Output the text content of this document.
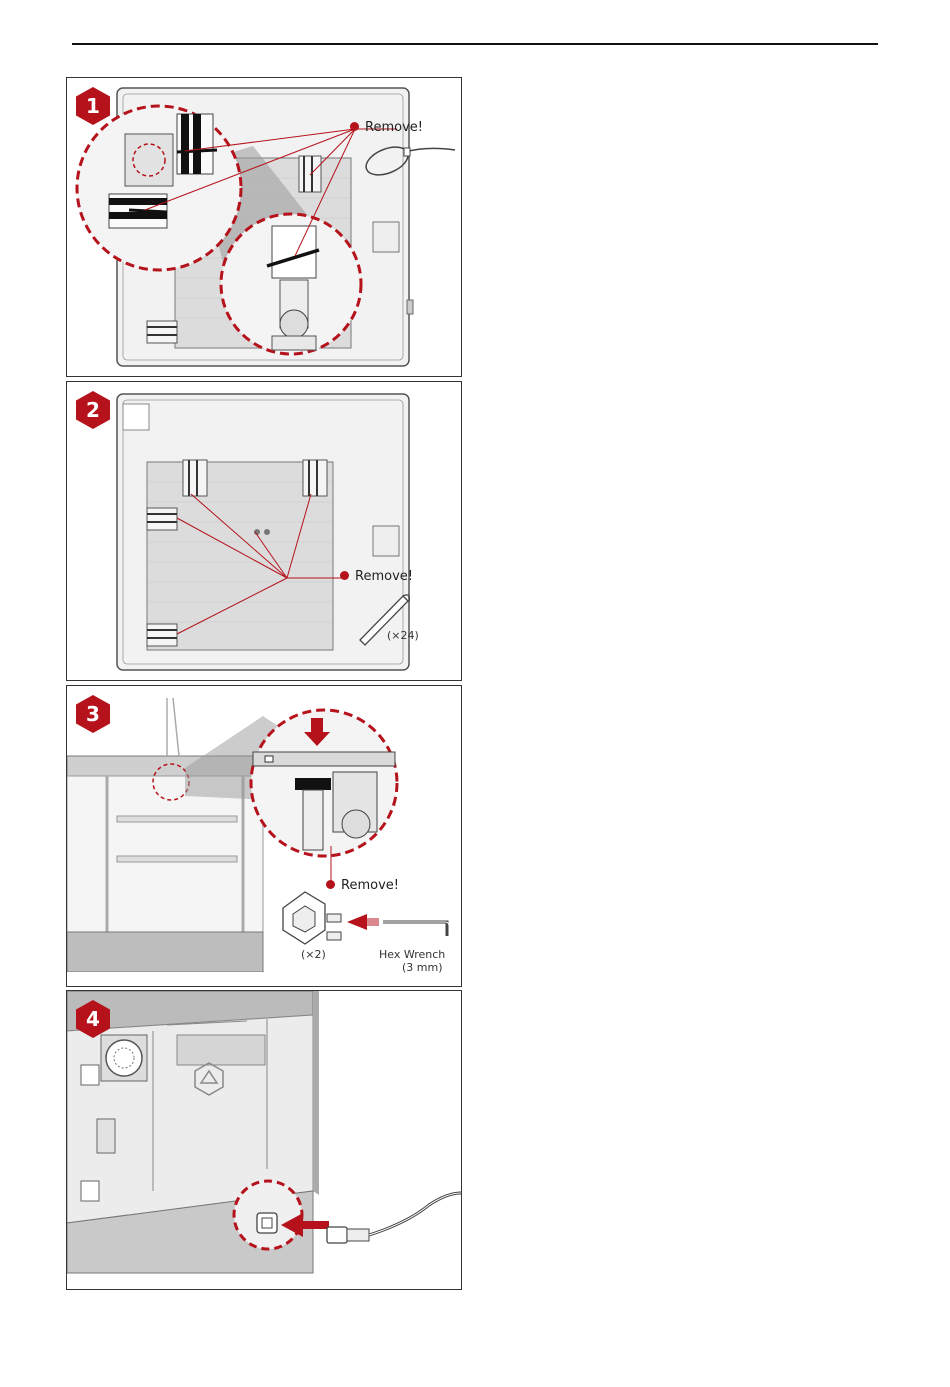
1
Remove!
2
Remove!
(×24)
3
Remove!
(×2)	Hex Wrench
(3 mm)
4
